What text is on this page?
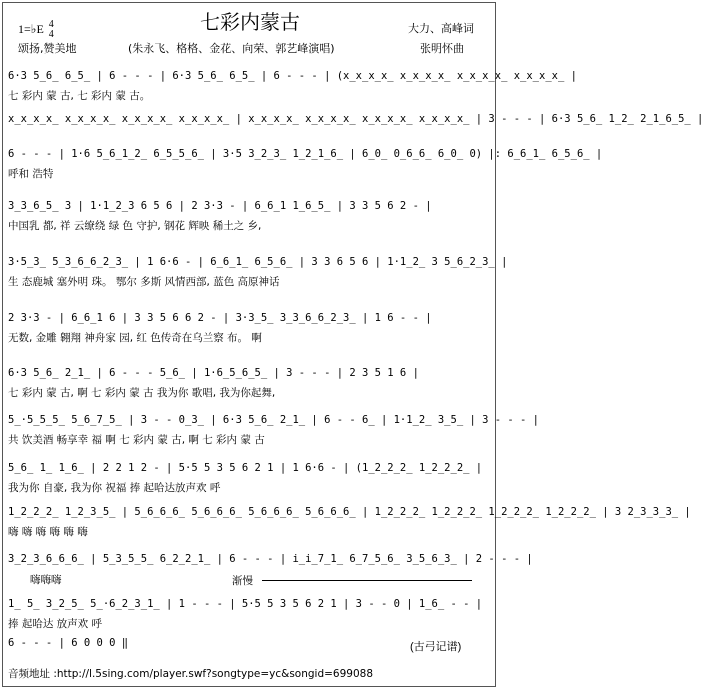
七彩内蒙古
1=♭E 4
4
颂扬,赞美地	(朱永飞、格格、金花、向荣、郭艺峰演唱)
大力、高峰词
张明怀曲
6·3 5̲6̲ 6̲5̲ | 6 - - - | 6·3 5̲6̲ 6̲5̲ | 6 - - - | (x̲x̲x̲x̲ x̲x̲x̲x̲ x̲x̲x̲x̲ x̲x̲x̲x̲ |
七 彩内 蒙 古, 七 彩内 蒙 古。
x̲x̲x̲x̲ x̲x̲x̲x̲ x̲x̲x̲x̲ x̲x̲x̲x̲ | x̲x̲x̲x̲ x̲x̲x̲x̲ x̲x̲x̲x̲ x̲x̲x̲x̲ | 3 - - - | 6·3 5̲6̲ 1̲2̲ 2̲1̲6̲5̲ |
6 - - - | 1·6 5̲6̲1̲2̲ 6̲5̲5̲6̲ | 3·5 3̲2̲3̲ 1̲2̲1̲6̲ | 6̲0̲ 0̲6̲6̲ 6̲0̲ 0) |: 6̲6̲1̲ 6̲5̲6̲ |
呼和 浩特
3̲3̲6̲5̲ 3 | 1·1̲2̲3 6 5 6 | 2 3·3 - | 6̲6̲1 1̲6̲5̲ | 3 3 5 6 2 - |
中国乳 都, 祥 云缭绕 绿 色 守护, 钢花 辉映 稀土之 乡,
3·5̲3̲ 5̲3̲6̲6̲2̲3̲ | 1 6·6 - | 6̲6̲1̲ 6̲5̲6̲ | 3 3 6 5 6 | 1·1̲2̲ 3 5̲6̲2̲3̲ |
生 态鹿城 塞外明 珠。 鄂尔 多斯 风情西部, 蓝色 高原神话
2 3·3 - | 6̲6̲1 6 | 3 3 5 6 6 2 - | 3·3̲5̲ 3̲3̲6̲6̲2̲3̲ | 1 6 - - |
无数, 金雕 翱翔 神舟家 园, 红 色传奇在乌兰察 布。 啊
6·3 5̲6̲ 2̲1̲ | 6 - - - 5̲6̲ | 1·6̲5̲6̲5̲ | 3 - - - | 2 3 5 1 6 |
七 彩内 蒙 古, 啊 七 彩内 蒙 古 我为你 歌唱, 我为你起舞,
5̲·5̲5̲5̲ 5̲6̲7̲5̲ | 3 - - 0̲3̲ | 6·3 5̲6̲ 2̲1̲ | 6 - - 6̲ | 1·1̲2̲ 3̲5̲ | 3 - - - |
共 饮美酒 畅享幸 福 啊 七 彩内 蒙 古, 啊 七 彩内 蒙 古
5̲6̲ 1̲ 1̲6̲ | 2 2 1 2 - | 5·5 5 3 5 6 2 1 | 1 6·6 - | (1̲2̲2̲2̲ 1̲2̲2̲2̲ |
我为你 自豪, 我为你 祝福 捧 起哈达放声欢 呼
1̲2̲2̲2̲ 1̲2̲3̲5̲ | 5̲6̲6̲6̲ 5̲6̲6̲6̲ 5̲6̲6̲6̲ 5̲6̲6̲6̲ | 1̲2̲2̲2̲ 1̲2̲2̲2̲ 1̲2̲2̲2̲ 1̲2̲2̲2̲ | 3 2̲3̲3̲3̲ |
嗨 嗨 嗨 嗨 嗨 嗨
3̲2̲3̲6̲6̲6̲ | 5̲3̲5̲5̲ 6̲2̲2̲1̲ | 6 - - - | i̲i̲7̲1̲ 6̲7̲5̲6̲ 3̲5̲6̲3̲ | 2 - - - |
嗨嗨嗨	渐慢
1̲ 5̲ 3̲2̲5̲ 5̲·6̲2̲3̲1̲ | 1 - - - | 5·5 5 3 5 6 2 1 | 3 - - 0 | 1̲6̲ - - |
捧 起哈达 放声欢 呼
6 - - - | 6 0 0 0 ‖	(古弓记谱)
音频地址 :http://l.5sing.com/player.swf?songtype=yc&songid=699088
